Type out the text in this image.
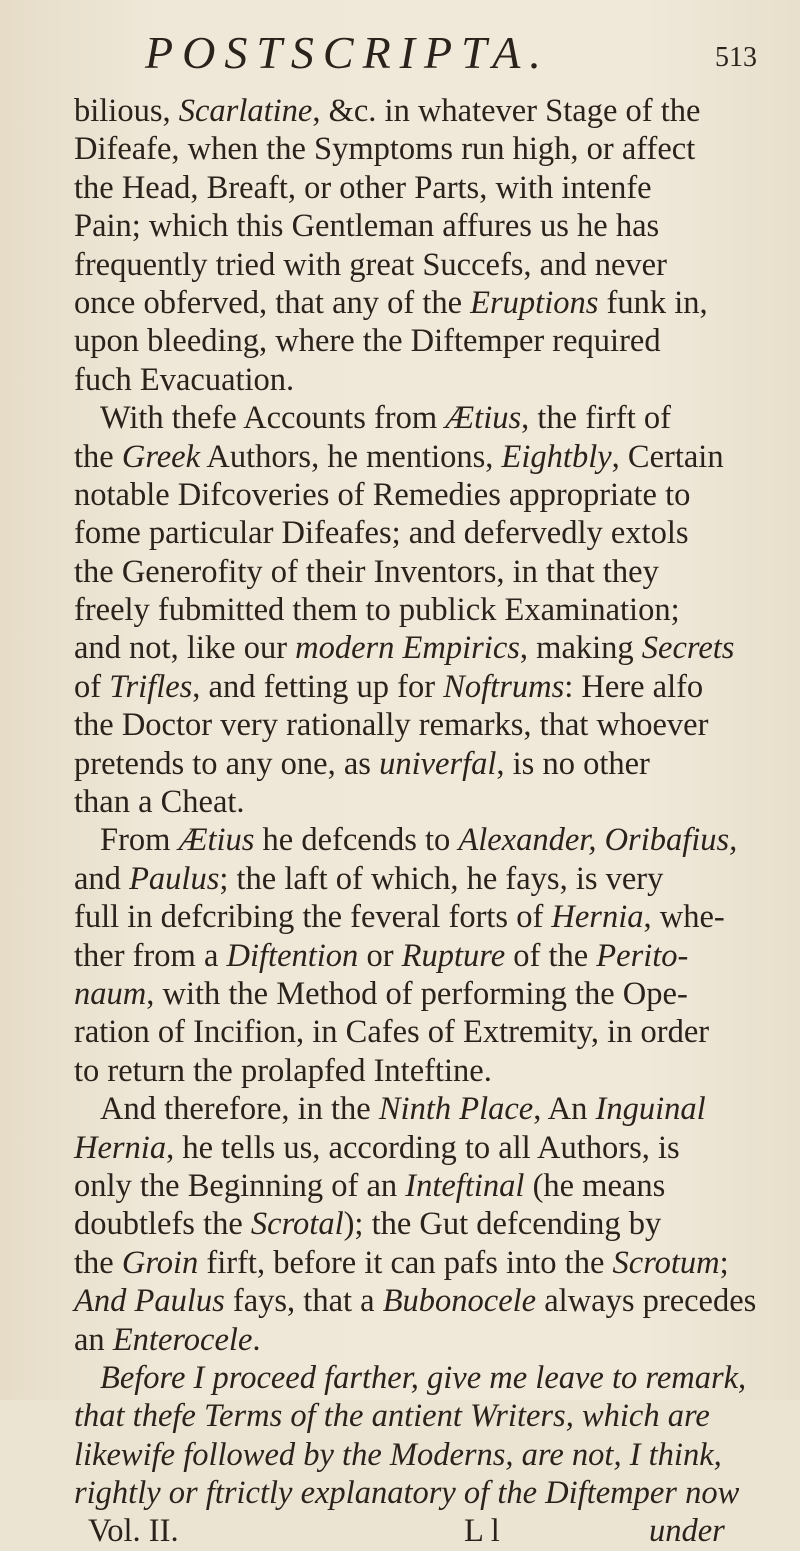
POSTSCRIPTA.	513
bilious, Scarlatine, &c. in whatever Stage of the
Difeafe, when the Symptoms run high, or affect
the Head, Breaft, or other Parts, with intenfe
Pain; which this Gentleman affures us he has
frequently tried with great Succefs, and never
once obferved, that any of the Eruptions funk in,
upon bleeding, where the Diftemper required
fuch Evacuation.
With thefe Accounts from Ætius, the firft of
the Greek Authors, he mentions, Eightbly, Certain
notable Difcoveries of Remedies appropriate to
fome particular Difeafes; and defervedly extols
the Generofity of their Inventors, in that they
freely fubmitted them to publick Examination;
and not, like our modern Empirics, making Secrets
of Trifles, and fetting up for Noftrums: Here alfo
the Doctor very rationally remarks, that whoever
pretends to any one, as univerfal, is no other
than a Cheat.
From Ætius he defcends to Alexander, Oribafius,
and Paulus; the laft of which, he fays, is very
full in defcribing the feveral forts of Hernia, whe-
ther from a Diftention or Rupture of the Perito-
naum, with the Method of performing the Ope-
ration of Incifion, in Cafes of Extremity, in order
to return the prolapfed Inteftine.
And therefore, in the Ninth Place, An Inguinal
Hernia, he tells us, according to all Authors, is
only the Beginning of an Inteftinal (he means
doubtlefs the Scrotal); the Gut defcending by
the Groin firft, before it can pafs into the Scrotum;
And Paulus fays, that a Bubonocele always precedes
an Enterocele.
Before I proceed farther, give me leave to remark,
that thefe Terms of the antient Writers, which are
likewife followed by the Moderns, are not, I think,
rightly or ftrictly explanatory of the Diftemper now
Vol. II.	L l	under
